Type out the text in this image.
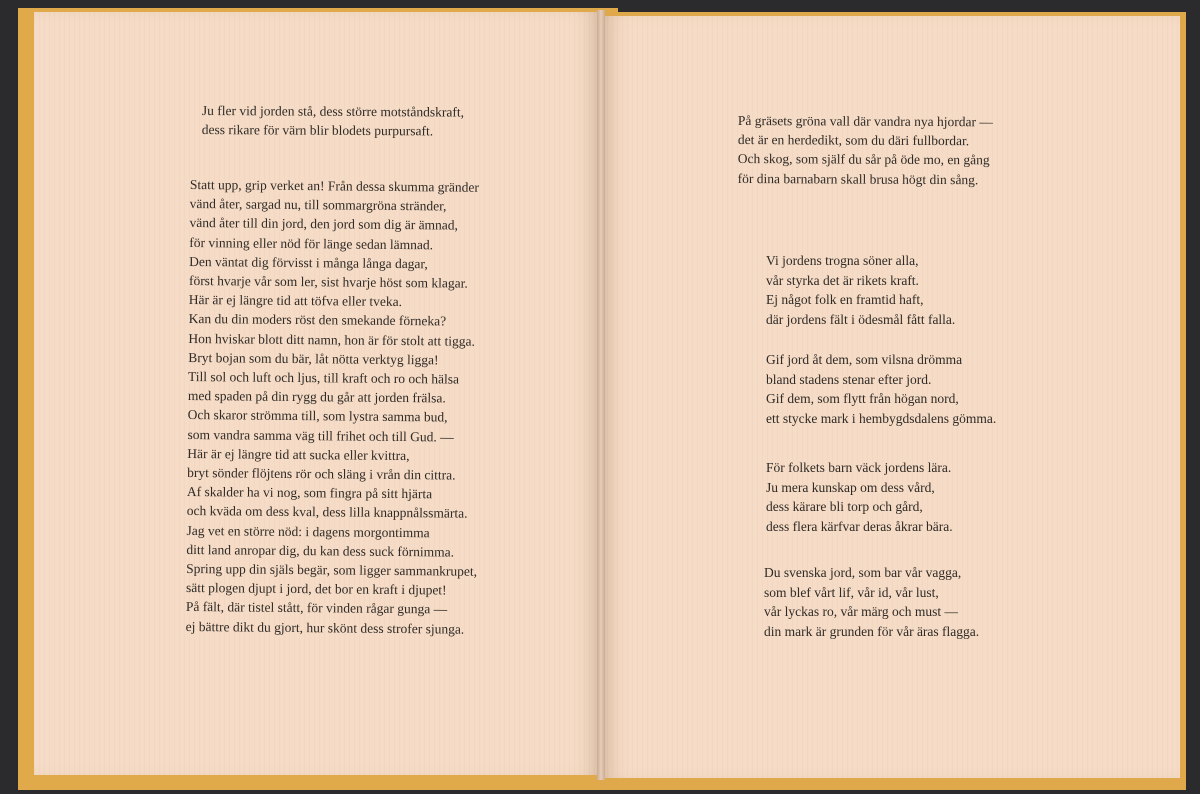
Ju fler vid jorden stå, dess större motståndskraft,
dess rikare för värn blir blodets purpursaft.
Statt upp, grip verket an! Från dessa skumma gränder
vänd åter, sargad nu, till sommargröna stränder,
vänd åter till din jord, den jord som dig är ämnad,
för vinning eller nöd för länge sedan lämnad.
Den väntat dig förvisst i många långa dagar,
först hvarje vår som ler, sist hvarje höst som klagar.
Här är ej längre tid att töfva eller tveka.
Kan du din moders röst den smekande förneka?
Hon hviskar blott ditt namn, hon är för stolt att tigga.
Bryt bojan som du bär, låt nötta verktyg ligga!
Till sol och luft och ljus, till kraft och ro och hälsa
med spaden på din rygg du går att jorden frälsa.
Och skaror strömma till, som lystra samma bud,
som vandra samma väg till frihet och till Gud. —
Här är ej längre tid att sucka eller kvittra,
bryt sönder flöjtens rör och släng i vrån din cittra.
Af skalder ha vi nog, som fingra på sitt hjärta
och kväda om dess kval, dess lilla knappnålssmärta.
Jag vet en större nöd: i dagens morgontimma
ditt land anropar dig, du kan dess suck förnimma.
Spring upp din själs begär, som ligger sammankrupet,
sätt plogen djupt i jord, det bor en kraft i djupet!
På fält, där tistel stått, för vinden rågar gunga —
ej bättre dikt du gjort, hur skönt dess strofer sjunga.
På gräsets gröna vall där vandra nya hjordar —
det är en herdedikt, som du däri fullbordar.
Och skog, som själf du sår på öde mo, en gång
för dina barnabarn skall brusa högt din sång.
Vi jordens trogna söner alla,
vår styrka det är rikets kraft.
Ej något folk en framtid haft,
där jordens fält i ödesmål fått falla.
Gif jord åt dem, som vilsna drömma
bland stadens stenar efter jord.
Gif dem, som flytt från högan nord,
ett stycke mark i hembygdsdalens gömma.
För folkets barn väck jordens lära.
Ju mera kunskap om dess vård,
dess kärare bli torp och gård,
dess flera kärfvar deras åkrar bära.
Du svenska jord, som bar vår vagga,
som blef vårt lif, vår id, vår lust,
vår lyckas ro, vår märg och must —
din mark är grunden för vår äras flagga.
